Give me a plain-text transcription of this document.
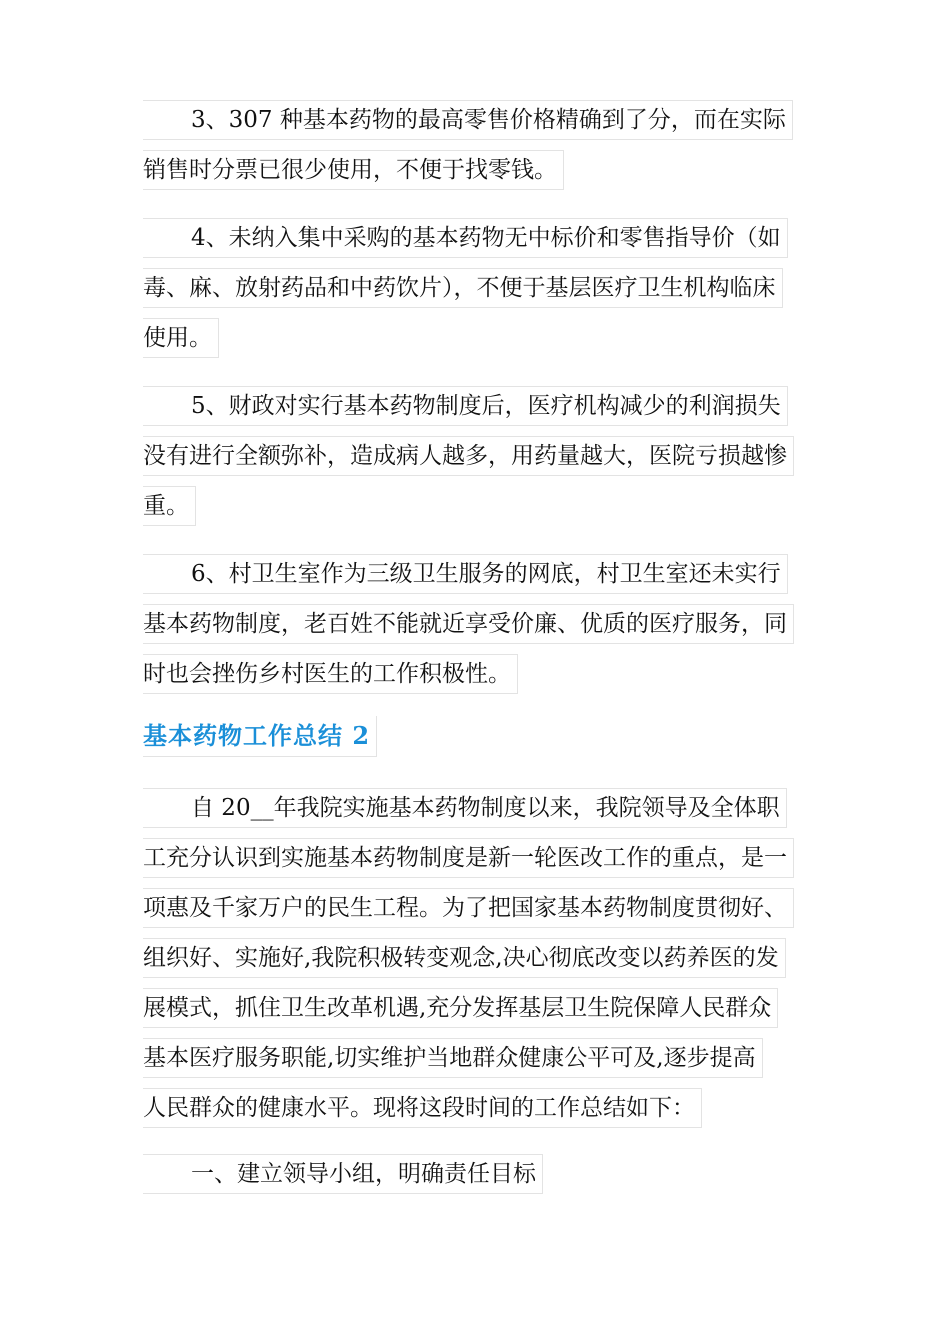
3、307 种基本药物的最高零售价格精确到了分，而在实际
销售时分票已很少使用，不便于找零钱。
4、未纳入集中采购的基本药物无中标价和零售指导价（如
毒、麻、放射药品和中药饮片），不便于基层医疗卫生机构临床
使用。
5、财政对实行基本药物制度后，医疗机构减少的利润损失
没有进行全额弥补，造成病人越多，用药量越大，医院亏损越惨
重。
6、村卫生室作为三级卫生服务的网底，村卫生室还未实行
基本药物制度，老百姓不能就近享受价廉、优质的医疗服务，同
时也会挫伤乡村医生的工作积极性。
基本药物工作总结 2
自 20__年我院实施基本药物制度以来，我院领导及全体职
工充分认识到实施基本药物制度是新一轮医改工作的重点，是一
项惠及千家万户的民生工程。为了把国家基本药物制度贯彻好、
组织好、实施好,我院积极转变观念,决心彻底改变以药养医的发
展模式，抓住卫生改革机遇,充分发挥基层卫生院保障人民群众
基本医疗服务职能,切实维护当地群众健康公平可及,逐步提高
人民群众的健康水平。现将这段时间的工作总结如下：
一、建立领导小组，明确责任目标
